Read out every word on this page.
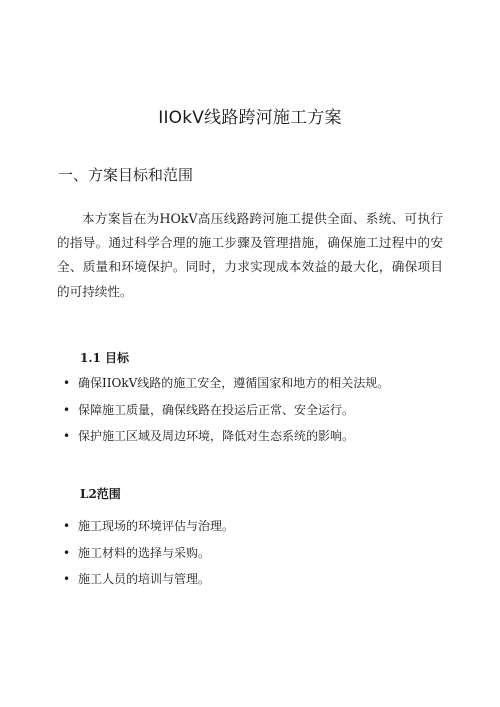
IIOkV线路跨河施工方案
一、方案目标和范围

本方案旨在为HOkV高压线路跨河施工提供全面、系统、可执行的指导。通过科学合理的施工步骤及管理措施，确保施工过程中的安全、质量和环境保护。同时，力求实现成本效益的最大化，确保项目的可持续性。

1.1 目标
• 确保IIOkV线路的施工安全，遵循国家和地方的相关法规。
• 保障施工质量，确保线路在投运后正常、安全运行。
• 保护施工区域及周边环境，降低对生态系统的影响。
L2范围
• 施工现场的环境评估与治理。
• 施工材料的选择与采购。
• 施工人员的培训与管理。
